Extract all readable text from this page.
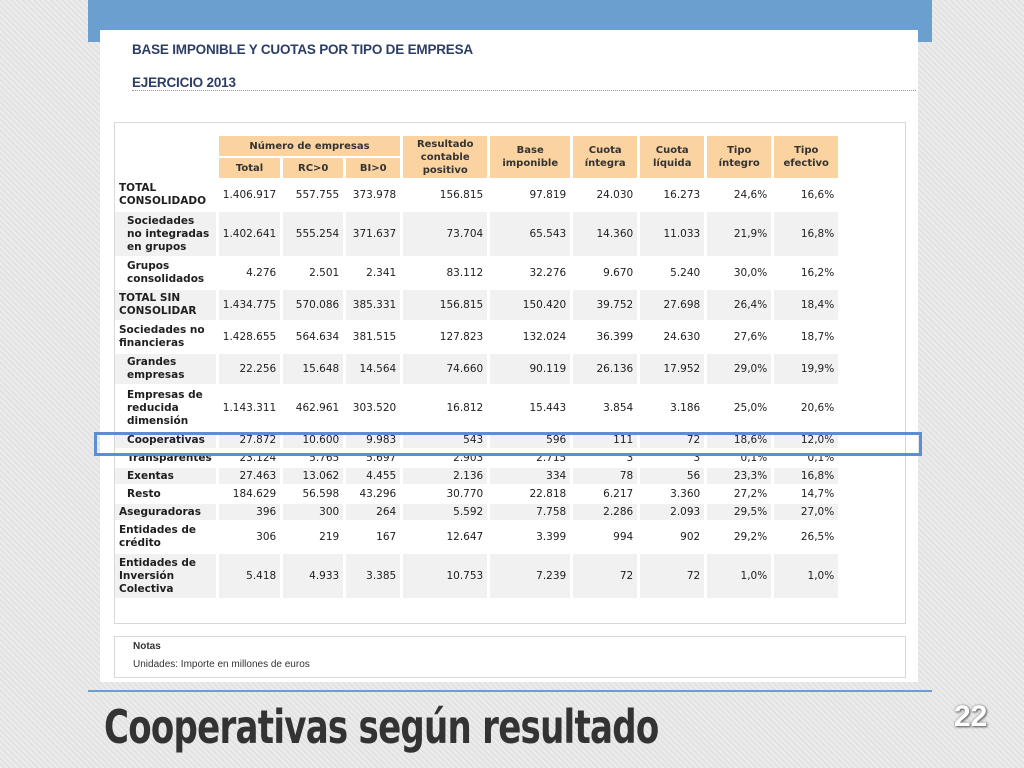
BASE IMPONIBLE Y CUOTAS POR TIPO DE EMPRESA
EJERCICIO 2013
Notas
Unidades: Importe en millones de euros
	Número de empresas			Resultado contable positivo	Base imponible	Cuota íntegra	Cuota líquida	Tipo íntegro	Tipo efectivo
	Total	RC>0	BI>0						
TOTAL CONSOLIDADO	1.406.917	557.755	373.978	156.815	97.819	24.030	16.273	24,6%	16,6%
Sociedades no integradas en grupos	1.402.641	555.254	371.637	73.704	65.543	14.360	11.033	21,9%	16,8%
Grupos consolidados	4.276	2.501	2.341	83.112	32.276	9.670	5.240	30,0%	16,2%
TOTAL SIN CONSOLIDAR	1.434.775	570.086	385.331	156.815	150.420	39.752	27.698	26,4%	18,4%
Sociedades no financieras	1.428.655	564.634	381.515	127.823	132.024	36.399	24.630	27,6%	18,7%
Grandes empresas	22.256	15.648	14.564	74.660	90.119	26.136	17.952	29,0%	19,9%
Empresas de reducida dimensión	1.143.311	462.961	303.520	16.812	15.443	3.854	3.186	25,0%	20,6%
Cooperativas	27.872	10.600	9.983	543	596	111	72	18,6%	12,0%
Transparentes	23.124	5.765	5.697	2.903	2.715	3	3	0,1%	0,1%
Exentas	27.463	13.062	4.455	2.136	334	78	56	23,3%	16,8%
Resto	184.629	56.598	43.296	30.770	22.818	6.217	3.360	27,2%	14,7%
Aseguradoras	396	300	264	5.592	7.758	2.286	2.093	29,5%	27,0%
Entidades de crédito	306	219	167	12.647	3.399	994	902	29,2%	26,5%
Entidades de Inversión Colectiva	5.418	4.933	3.385	10.753	7.239	72	72	1,0%	1,0%
Cooperativas según resultado	22
